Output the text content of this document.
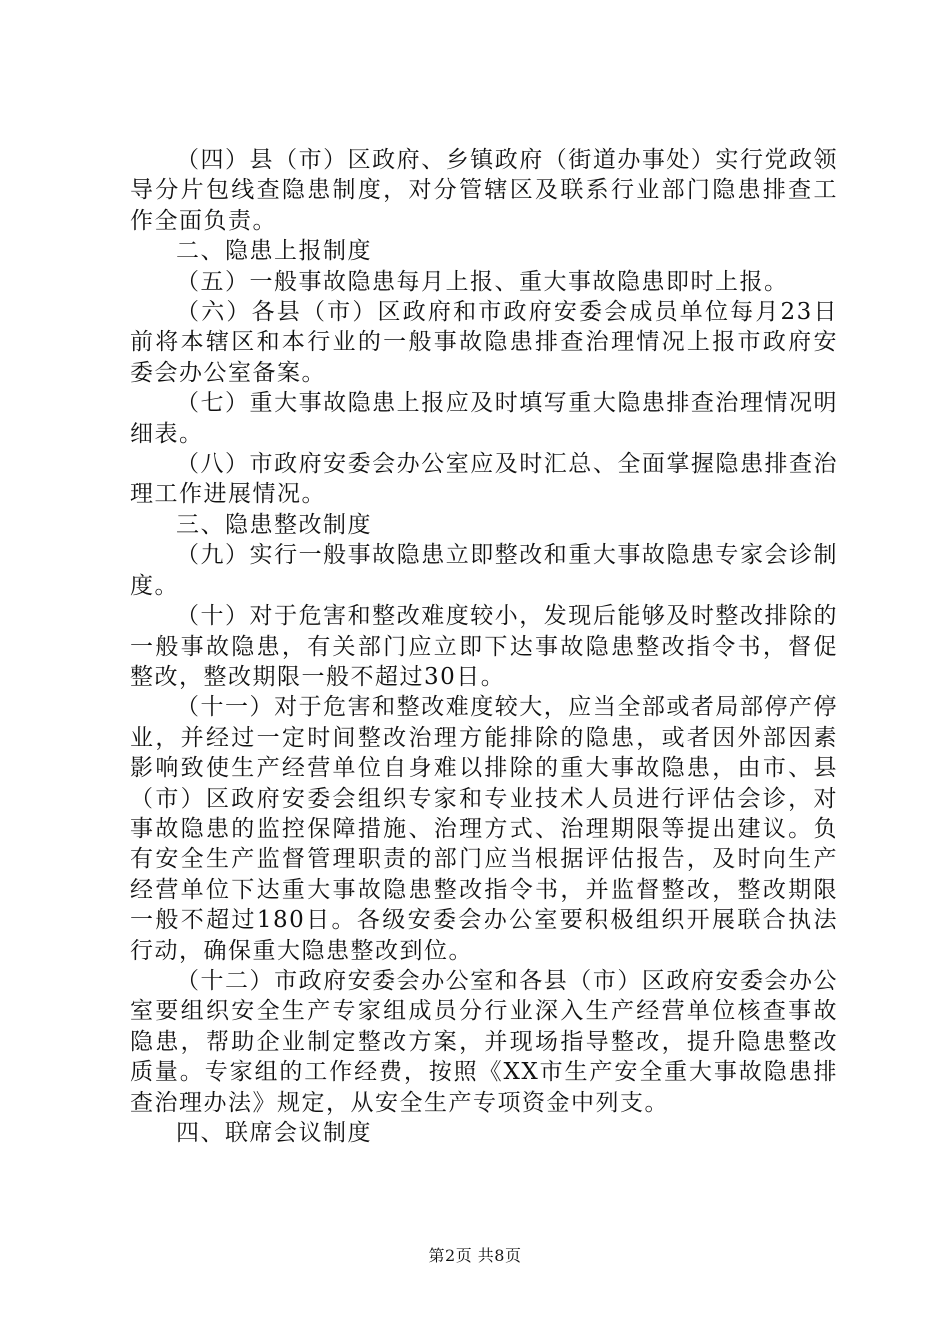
（四）县（市）区政府、乡镇政府（街道办事处）实行党政领导分片包线查隐患制度，对分管辖区及联系行业部门隐患排查工作全面负责。

二、隐患上报制度

（五）一般事故隐患每月上报、重大事故隐患即时上报。

（六）各县（市）区政府和市政府安委会成员单位每月23日前将本辖区和本行业的一般事故隐患排查治理情况上报市政府安委会办公室备案。

（七）重大事故隐患上报应及时填写重大隐患排查治理情况明细表。

（八）市政府安委会办公室应及时汇总、全面掌握隐患排查治理工作进展情况。

三、隐患整改制度

（九）实行一般事故隐患立即整改和重大事故隐患专家会诊制度。

（十）对于危害和整改难度较小，发现后能够及时整改排除的一般事故隐患，有关部门应立即下达事故隐患整改指令书，督促整改，整改期限一般不超过30日。

（十一）对于危害和整改难度较大，应当全部或者局部停产停业，并经过一定时间整改治理方能排除的隐患，或者因外部因素影响致使生产经营单位自身难以排除的重大事故隐患，由市、县（市）区政府安委会组织专家和专业技术人员进行评估会诊，对事故隐患的监控保障措施、治理方式、治理期限等提出建议。负有安全生产监督管理职责的部门应当根据评估报告，及时向生产经营单位下达重大事故隐患整改指令书，并监督整改，整改期限一般不超过180日。各级安委会办公室要积极组织开展联合执法行动，确保重大隐患整改到位。

（十二）市政府安委会办公室和各县（市）区政府安委会办公室要组织安全生产专家组成员分行业深入生产经营单位核查事故隐患，帮助企业制定整改方案，并现场指导整改，提升隐患整改质量。专家组的工作经费，按照《XX市生产安全重大事故隐患排查治理办法》规定，从安全生产专项资金中列支。

四、联席会议制度

第2页 共8页
